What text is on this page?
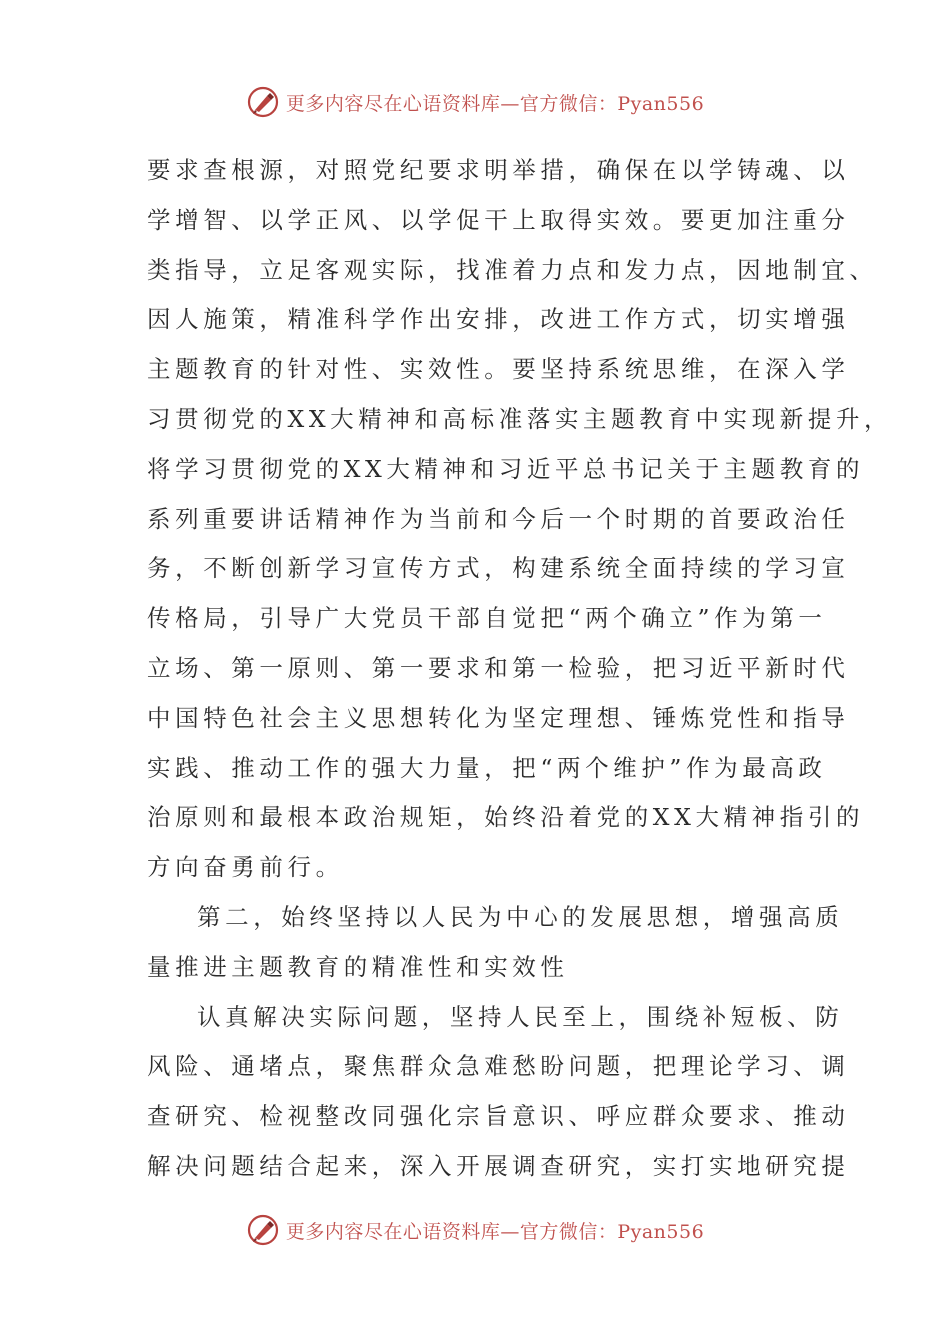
更多内容尽在心语资料库—官方微信：Pyan556
要求查根源，对照党纪要求明举措，确保在以学铸魂、以
学增智、以学正风、以学促干上取得实效。要更加注重分
类指导，立足客观实际，找准着力点和发力点，因地制宜、
因人施策，精准科学作出安排，改进工作方式，切实增强
主题教育的针对性、实效性。要坚持系统思维，在深入学
习贯彻党的XX大精神和高标准落实主题教育中实现新提升，
将学习贯彻党的XX大精神和习近平总书记关于主题教育的
系列重要讲话精神作为当前和今后一个时期的首要政治任
务，不断创新学习宣传方式，构建系统全面持续的学习宣
传格局，引导广大党员干部自觉把“两个确立”作为第一
立场、第一原则、第一要求和第一检验，把习近平新时代
中国特色社会主义思想转化为坚定理想、锤炼党性和指导
实践、推动工作的强大力量，把“两个维护”作为最高政
治原则和最根本政治规矩，始终沿着党的XX大精神指引的
方向奋勇前行。
第二，始终坚持以人民为中心的发展思想，增强高质
量推进主题教育的精准性和实效性
认真解决实际问题，坚持人民至上，围绕补短板、防
风险、通堵点，聚焦群众急难愁盼问题，把理论学习、调
查研究、检视整改同强化宗旨意识、呼应群众要求、推动
解决问题结合起来，深入开展调查研究，实打实地研究提
更多内容尽在心语资料库—官方微信：Pyan556
